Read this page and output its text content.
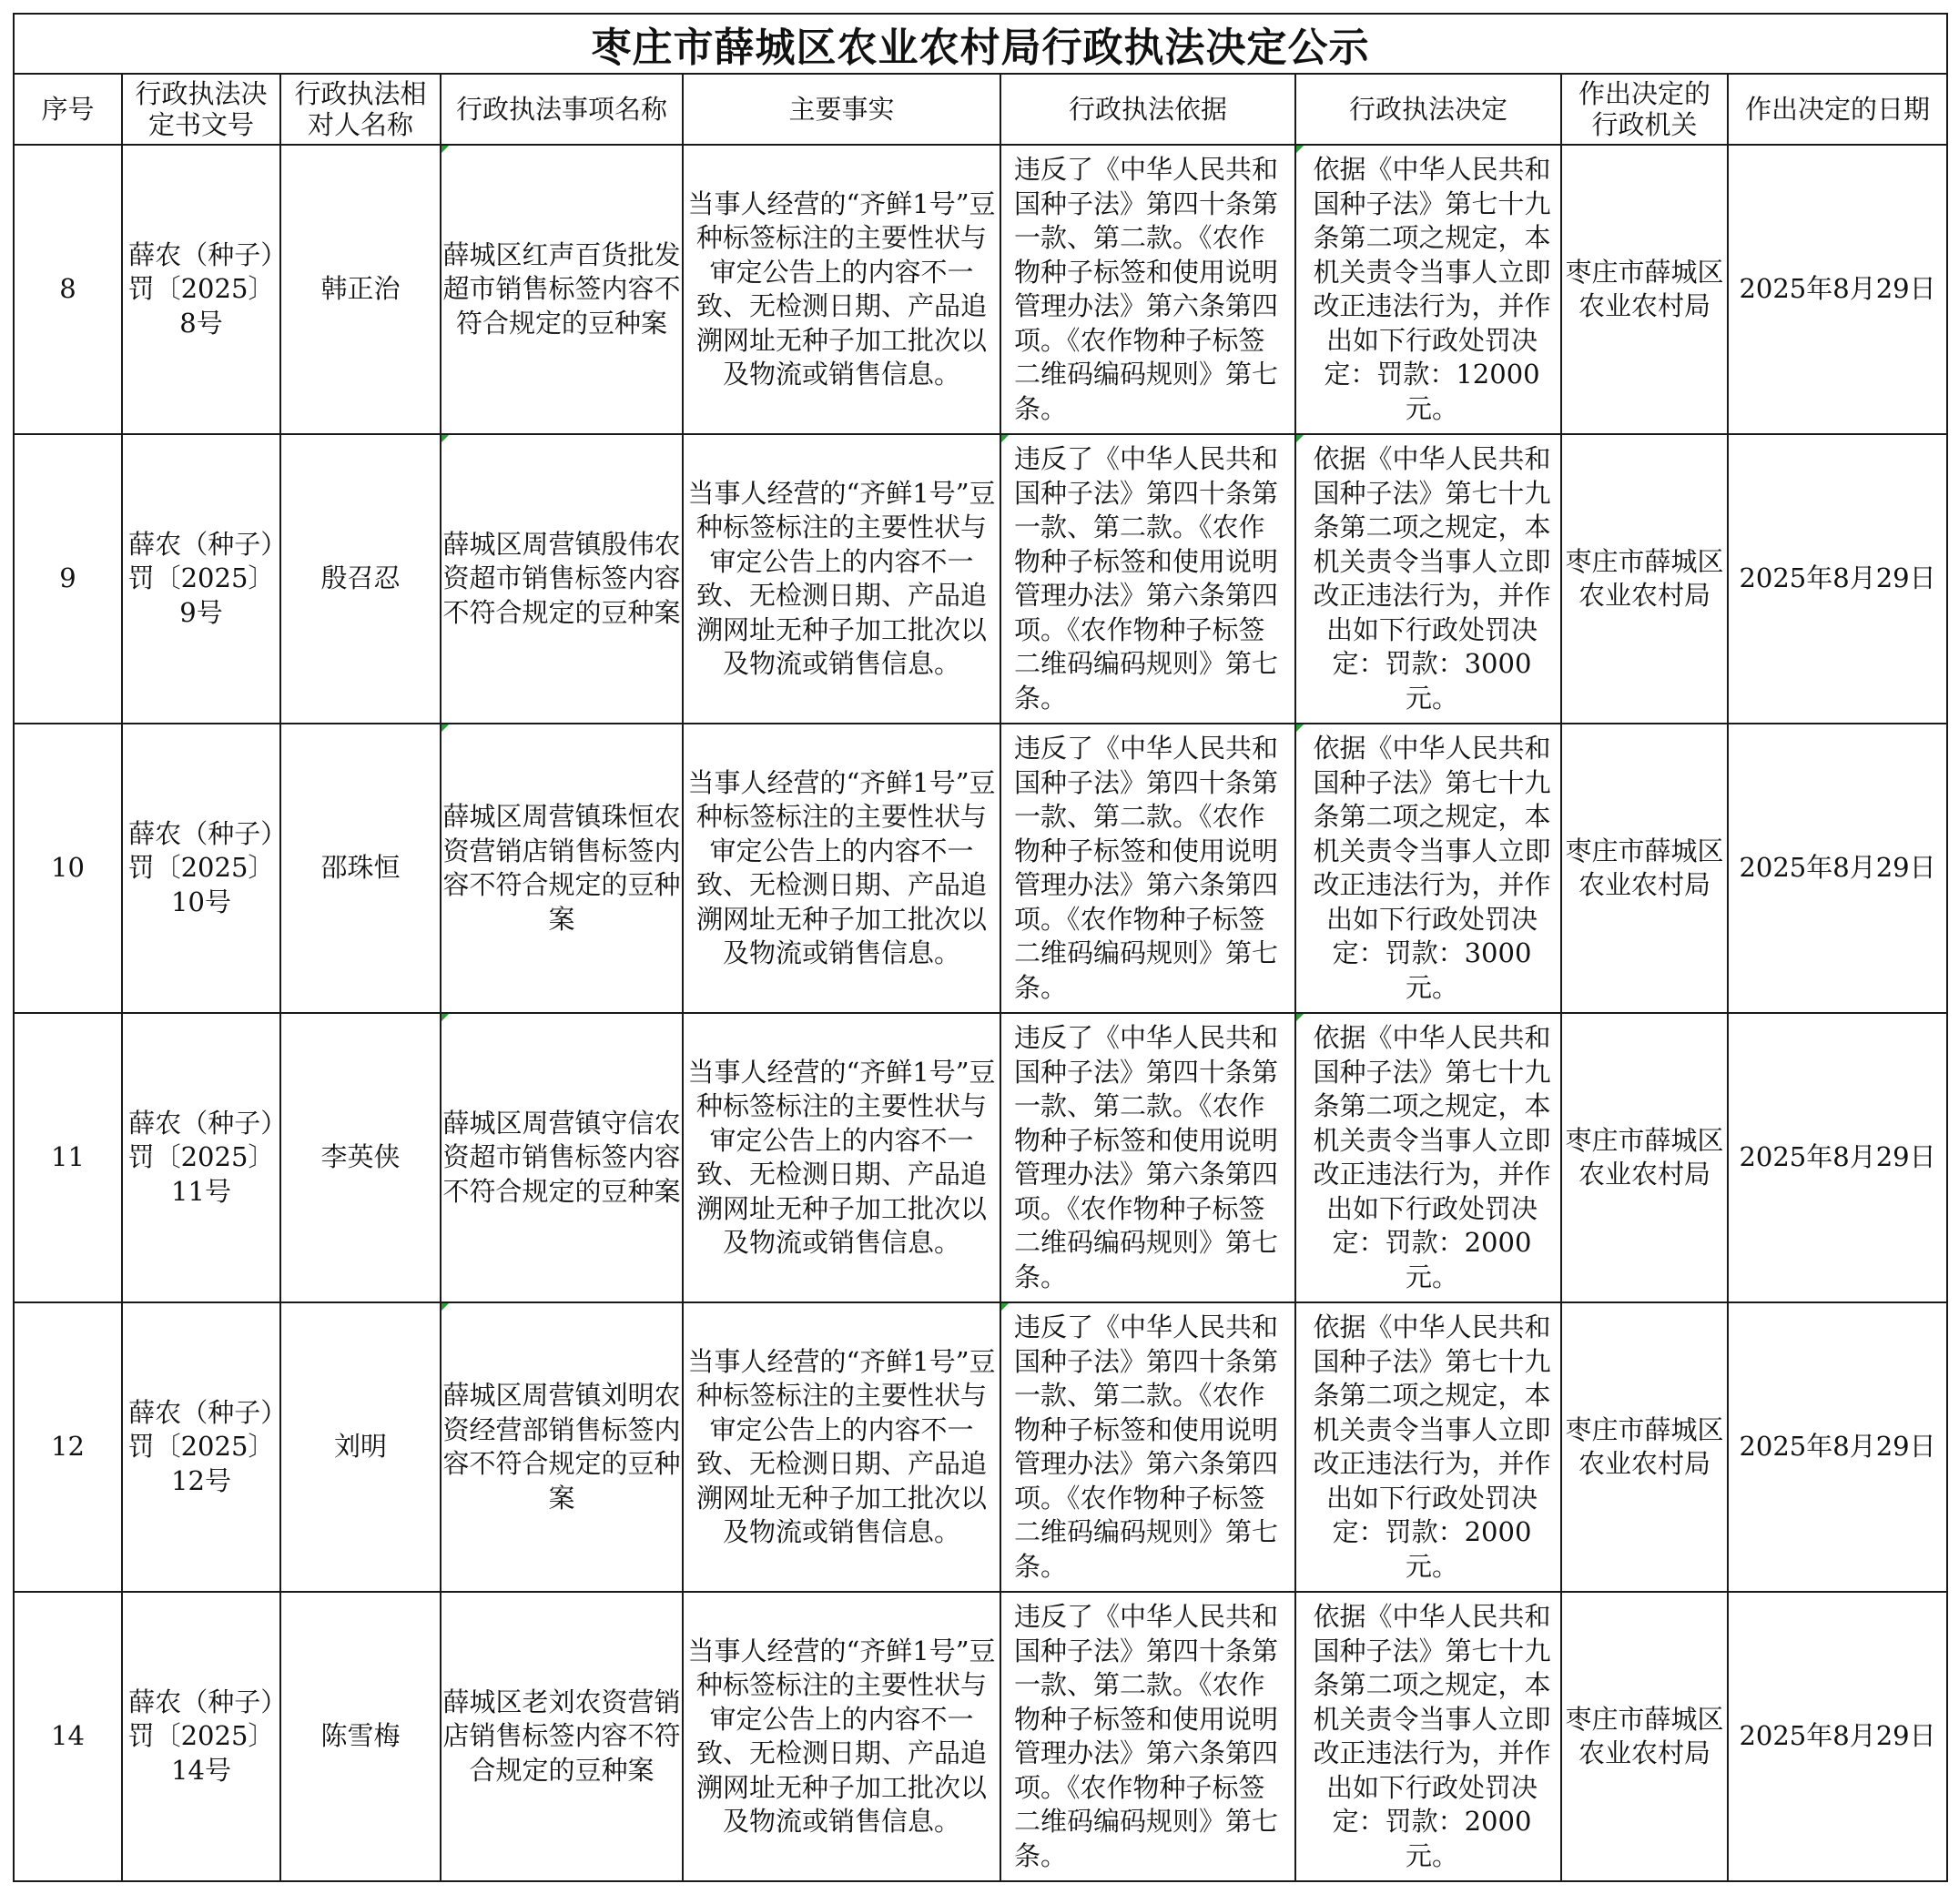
枣庄市薛城区农业农村局行政执法决定公示								
序号	行政执法决定书文号	行政执法相对人名称	行政执法事项名称	主要事实	行政执法依据	行政执法决定	作出决定的行政机关	作出决定的日期
8	薛农（种子）罚〔2025〕8号	韩正治	薛城区红声百货批发超市销售标签内容不符合规定的豆种案	当事人经营的“齐鲜1号”豆种标签标注的主要性状与审定公告上的内容不一致、无检测日期、产品追溯网址无种子加工批次以及物流或销售信息。	违反了《中华人民共和国种子法》第四十条第一款、第二款。《农作物种子标签和使用说明管理办法》第六条第四项。《农作物种子标签二维码编码规则》第七条。	依据《中华人民共和国种子法》第七十九条第二项之规定，本机关责令当事人立即改正违法行为，并作出如下行政处罚决定：罚款：12000元。	枣庄市薛城区农业农村局	2025年8月29日
9	薛农（种子）罚〔2025〕9号	殷召忍	薛城区周营镇殷伟农资超市销售标签内容不符合规定的豆种案	当事人经营的“齐鲜1号”豆种标签标注的主要性状与审定公告上的内容不一致、无检测日期、产品追溯网址无种子加工批次以及物流或销售信息。	违反了《中华人民共和国种子法》第四十条第一款、第二款。《农作物种子标签和使用说明管理办法》第六条第四项。《农作物种子标签二维码编码规则》第七条。	依据《中华人民共和国种子法》第七十九条第二项之规定，本机关责令当事人立即改正违法行为，并作出如下行政处罚决定：罚款：3000元。	枣庄市薛城区农业农村局	2025年8月29日
10	薛农（种子）罚〔2025〕10号	邵珠恒	薛城区周营镇珠恒农资营销店销售标签内容不符合规定的豆种案	当事人经营的“齐鲜1号”豆种标签标注的主要性状与审定公告上的内容不一致、无检测日期、产品追溯网址无种子加工批次以及物流或销售信息。	违反了《中华人民共和国种子法》第四十条第一款、第二款。《农作物种子标签和使用说明管理办法》第六条第四项。《农作物种子标签二维码编码规则》第七条。	依据《中华人民共和国种子法》第七十九条第二项之规定，本机关责令当事人立即改正违法行为，并作出如下行政处罚决定：罚款：3000元。	枣庄市薛城区农业农村局	2025年8月29日
11	薛农（种子）罚〔2025〕11号	李英侠	薛城区周营镇守信农资超市销售标签内容不符合规定的豆种案	当事人经营的“齐鲜1号”豆种标签标注的主要性状与审定公告上的内容不一致、无检测日期、产品追溯网址无种子加工批次以及物流或销售信息。	违反了《中华人民共和国种子法》第四十条第一款、第二款。《农作物种子标签和使用说明管理办法》第六条第四项。《农作物种子标签二维码编码规则》第七条。	依据《中华人民共和国种子法》第七十九条第二项之规定，本机关责令当事人立即改正违法行为，并作出如下行政处罚决定：罚款：2000元。	枣庄市薛城区农业农村局	2025年8月29日
12	薛农（种子）罚〔2025〕12号	刘明	薛城区周营镇刘明农资经营部销售标签内容不符合规定的豆种案	当事人经营的“齐鲜1号”豆种标签标注的主要性状与审定公告上的内容不一致、无检测日期、产品追溯网址无种子加工批次以及物流或销售信息。	违反了《中华人民共和国种子法》第四十条第一款、第二款。《农作物种子标签和使用说明管理办法》第六条第四项。《农作物种子标签二维码编码规则》第七条。	依据《中华人民共和国种子法》第七十九条第二项之规定，本机关责令当事人立即改正违法行为，并作出如下行政处罚决定：罚款：2000元。	枣庄市薛城区农业农村局	2025年8月29日
14	薛农（种子）罚〔2025〕14号	陈雪梅	薛城区老刘农资营销店销售标签内容不符合规定的豆种案	当事人经营的“齐鲜1号”豆种标签标注的主要性状与审定公告上的内容不一致、无检测日期、产品追溯网址无种子加工批次以及物流或销售信息。	违反了《中华人民共和国种子法》第四十条第一款、第二款。《农作物种子标签和使用说明管理办法》第六条第四项。《农作物种子标签二维码编码规则》第七条。	依据《中华人民共和国种子法》第七十九条第二项之规定，本机关责令当事人立即改正违法行为，并作出如下行政处罚决定：罚款：2000元。	枣庄市薛城区农业农村局	2025年8月29日
